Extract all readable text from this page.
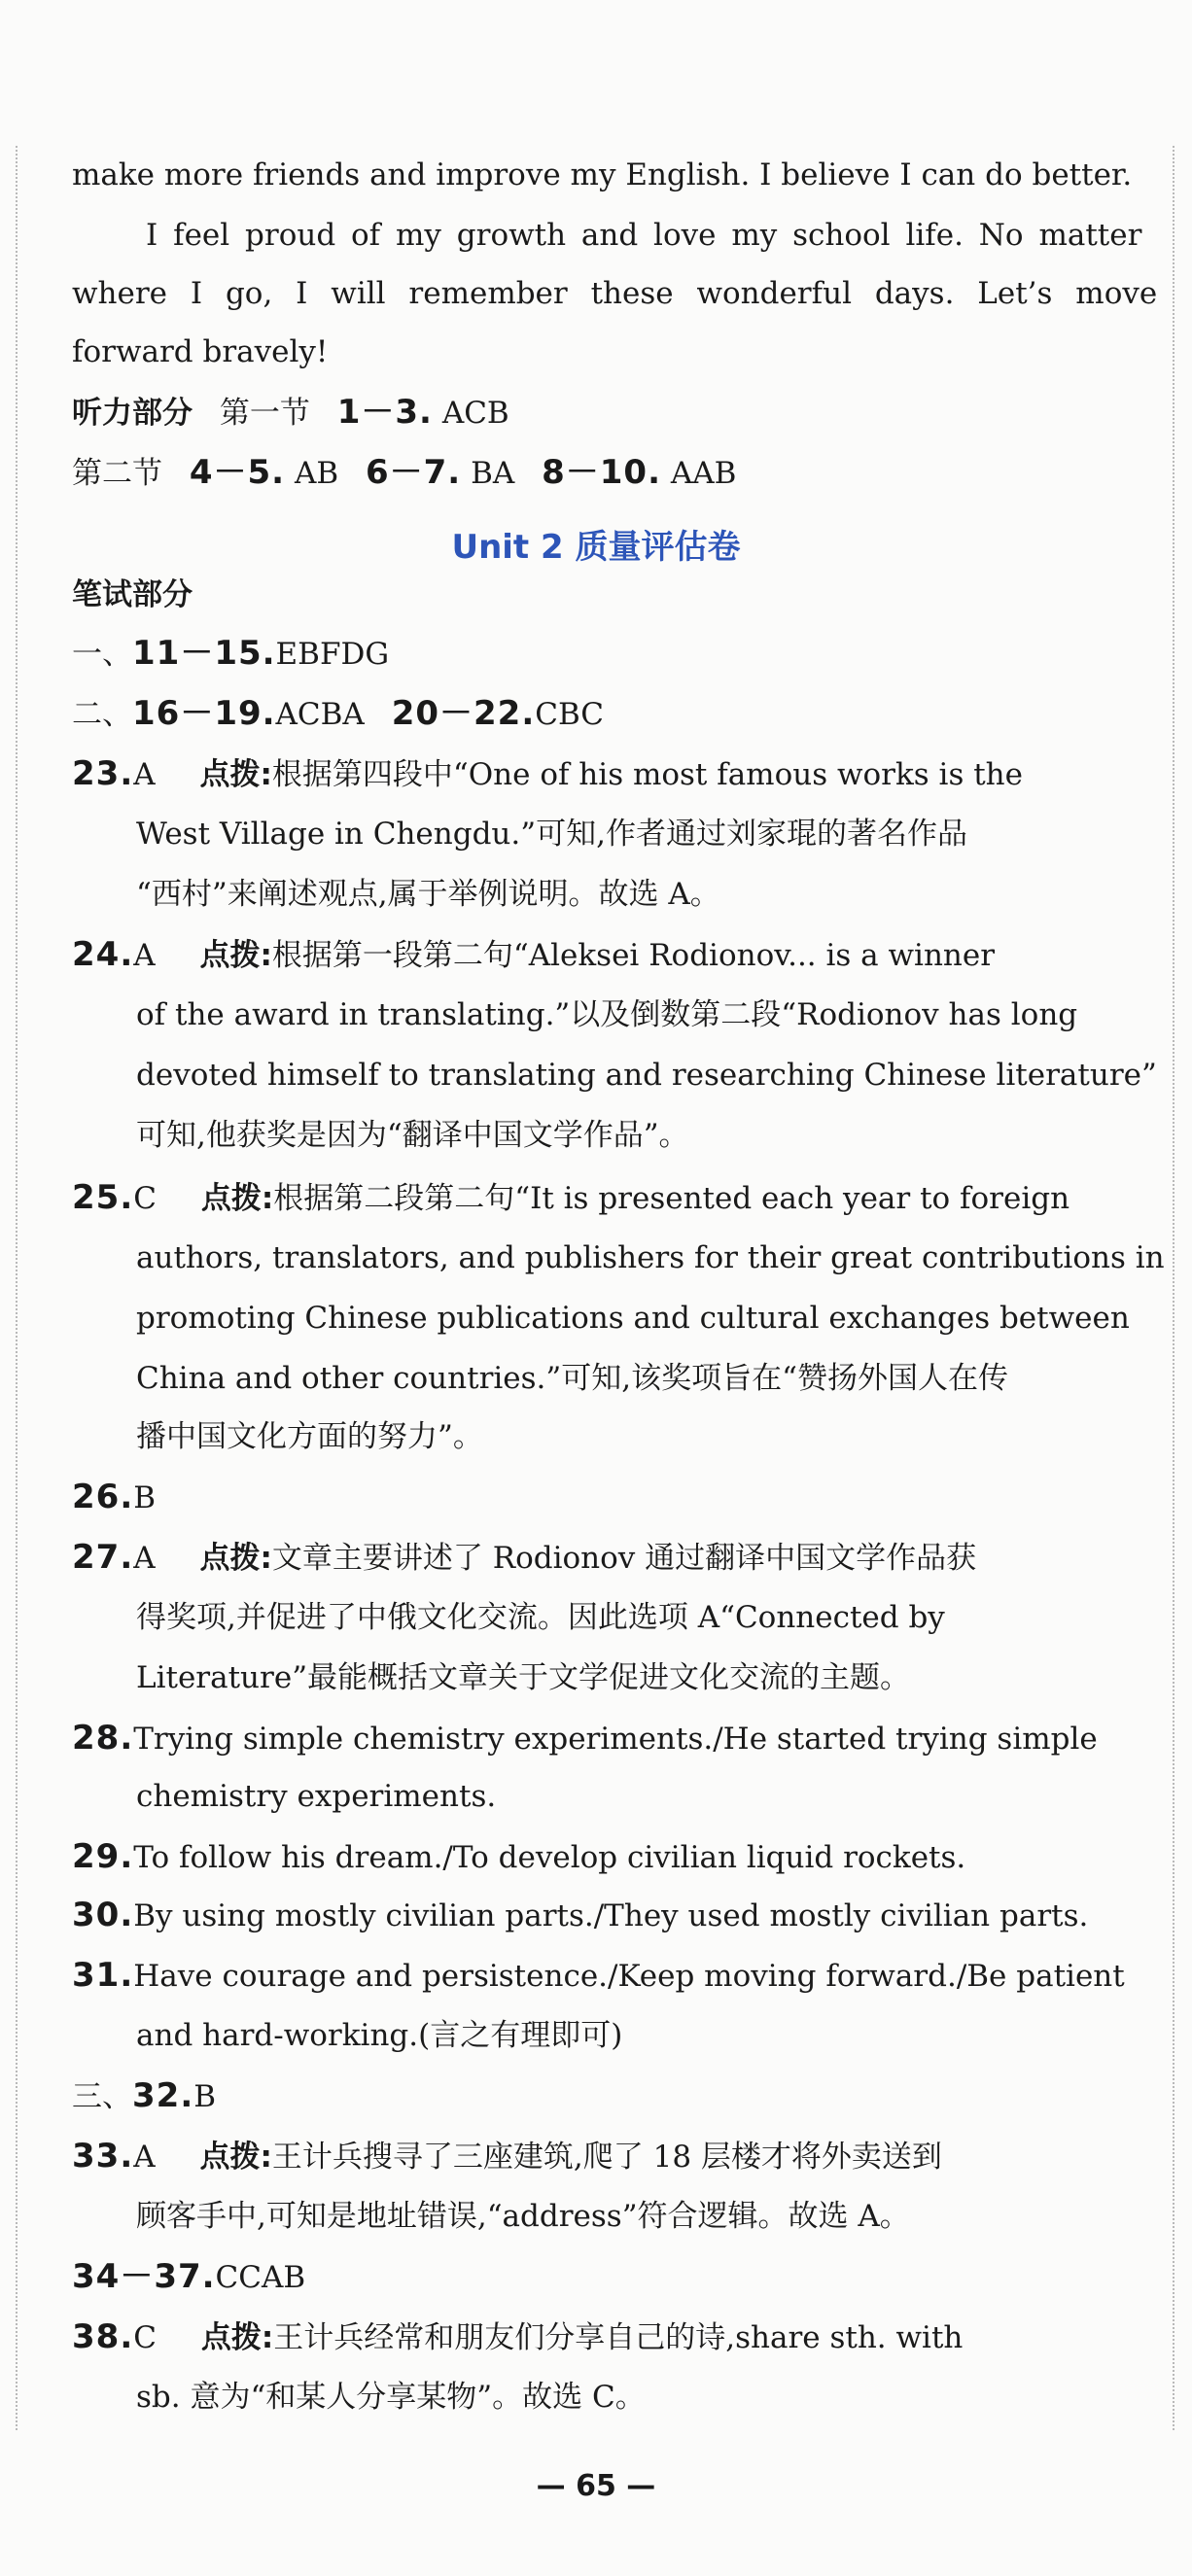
make more friends and improve my English. I believe I can do better.
I feel proud of my growth and love my school life. No matter
where I go, I will remember these wonderful days. Let’s move
forward bravely!
听力部分 第一节 1－3. ACB
第二节 4－5. AB 6－7. BA 8－10. AAB
Unit 2 质量评估卷
笔试部分
一、11－15.EBFDG
二、16－19.ACBA 20－22.CBC
23.A 点拨:根据第四段中“One of his most famous works is the
West Village in Chengdu.”可知,作者通过刘家琨的著名作品
“西村”来阐述观点,属于举例说明。故选 A。
24.A 点拨:根据第一段第二句“Aleksei Rodionov... is a winner
of the award in translating.”以及倒数第二段“Rodionov has long
devoted himself to translating and researching Chinese literature”
可知,他获奖是因为“翻译中国文学作品”。
25.C 点拨:根据第二段第二句“It is presented each year to foreign
authors, translators, and publishers for their great contributions in
promoting Chinese publications and cultural exchanges between
China and other countries.”可知,该奖项旨在“赞扬外国人在传
播中国文化方面的努力”。
26.B
27.A 点拨:文章主要讲述了 Rodionov 通过翻译中国文学作品获
得奖项,并促进了中俄文化交流。因此选项 A“Connected by
Literature”最能概括文章关于文学促进文化交流的主题。
28.Trying simple chemistry experiments./He started trying simple
chemistry experiments.
29.To follow his dream./To develop civilian liquid rockets.
30.By using mostly civilian parts./They used mostly civilian parts.
31.Have courage and persistence./Keep moving forward./Be patient
and hard-working.(言之有理即可)
三、32.B
33.A 点拨:王计兵搜寻了三座建筑,爬了 18 层楼才将外卖送到
顾客手中,可知是地址错误,“address”符合逻辑。故选 A。
34－37.CCAB
38.C 点拨:王计兵经常和朋友们分享自己的诗,share sth. with
sb. 意为“和某人分享某物”。故选 C。
— 65 —
